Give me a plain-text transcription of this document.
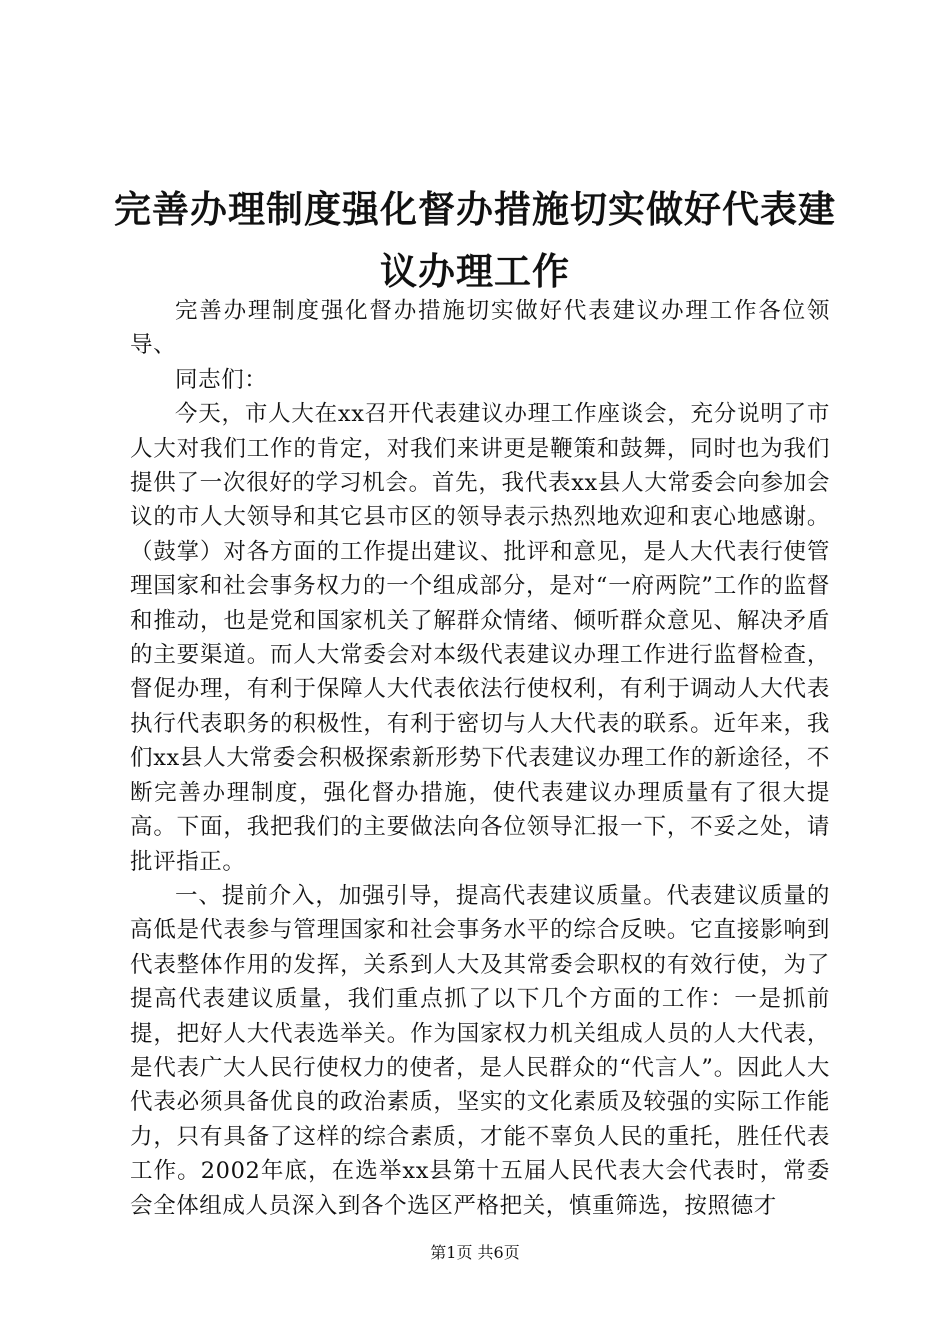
完善办理制度强化督办措施切实做好代表建议办理工作

完善办理制度强化督办措施切实做好代表建议办理工作各位领导、

同志们：

今天，市人大在xx召开代表建议办理工作座谈会，充分说明了市人大对我们工作的肯定，对我们来讲更是鞭策和鼓舞，同时也为我们提供了一次很好的学习机会。首先，我代表xx县人大常委会向参加会议的市人大领导和其它县市区的领导表示热烈地欢迎和衷心地感谢。（鼓掌）对各方面的工作提出建议、批评和意见，是人大代表行使管理国家和社会事务权力的一个组成部分，是对“一府两院”工作的监督和推动，也是党和国家机关了解群众情绪、倾听群众意见、解决矛盾的主要渠道。而人大常委会对本级代表建议办理工作进行监督检查，督促办理，有利于保障人大代表依法行使权利，有利于调动人大代表执行代表职务的积极性，有利于密切与人大代表的联系。近年来，我们xx县人大常委会积极探索新形势下代表建议办理工作的新途径，不断完善办理制度，强化督办措施，使代表建议办理质量有了很大提高。下面，我把我们的主要做法向各位领导汇报一下，不妥之处，请批评指正。

一、提前介入，加强引导，提高代表建议质量。代表建议质量的高低是代表参与管理国家和社会事务水平的综合反映。它直接影响到代表整体作用的发挥，关系到人大及其常委会职权的有效行使，为了提高代表建议质量，我们重点抓了以下几个方面的工作：一是抓前提，把好人大代表选举关。作为国家权力机关组成人员的人大代表，是代表广大人民行使权力的使者，是人民群众的“代言人”。因此人大代表必须具备优良的政治素质，坚实的文化素质及较强的实际工作能力，只有具备了这样的综合素质，才能不辜负人民的重托，胜任代表工作。2002年底，在选举xx县第十五届人民代表大会代表时，常委会全体组成人员深入到各个选区严格把关，慎重筛选，按照德才

第1页 共6页
